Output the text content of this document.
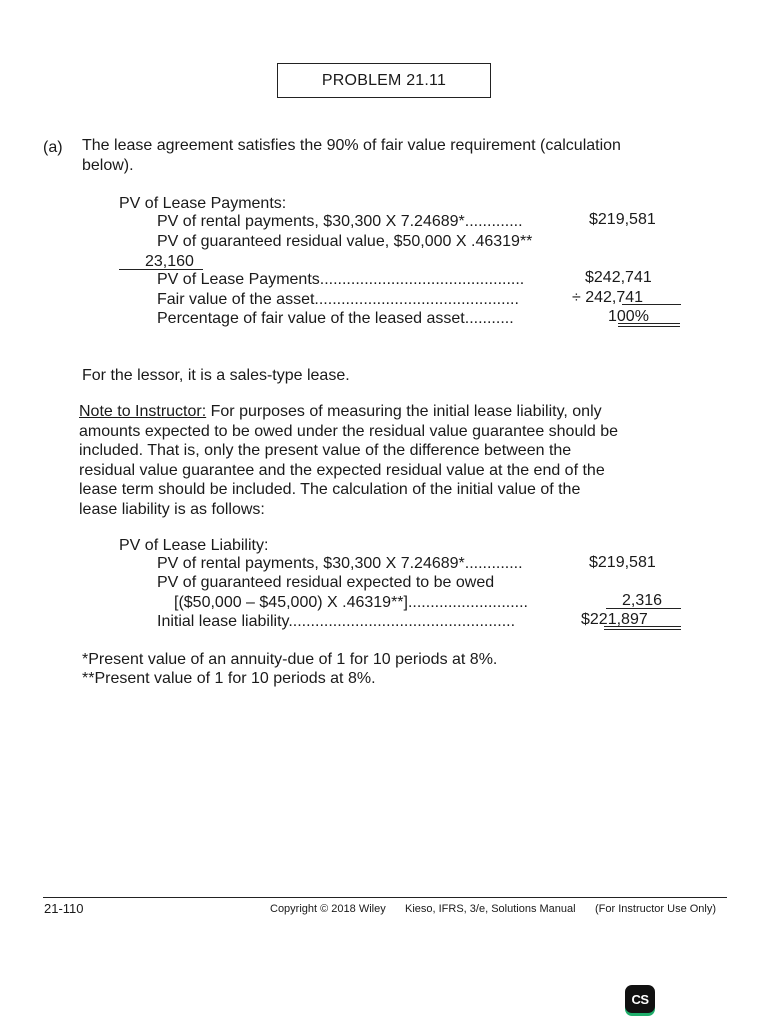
PROBLEM 21.11
(a) The lease agreement satisfies the 90% of fair value requirement (calculation
below).
PV of Lease Payments:
PV of rental payments, $30,300 X 7.24689*.............	$219,581
PV of guaranteed residual value, $50,000 X .46319**
23,160
PV of Lease Payments..............................................	$242,741
Fair value of the asset..............................................	÷ 242,741
Percentage of fair value of the leased asset...........	100%
For the lessor, it is a sales-type lease.
Note to Instructor: For purposes of measuring the initial lease liability, only
amounts expected to be owed under the residual value guarantee should be
included. That is, only the present value of the difference between the
residual value guarantee and the expected residual value at the end of the
lease term should be included. The calculation of the initial value of the
lease liability is as follows:
PV of Lease Liability:
PV of rental payments, $30,300 X 7.24689*.............	$219,581
PV of guaranteed residual expected to be owed
[($50,000 – $45,000) X .46319**]...........................	2,316
Initial lease liability...................................................	$221,897
*Present value of an annuity-due of 1 for 10 periods at 8%.
**Present value of 1 for 10 periods at 8%.
21-110	Copyright © 2018 Wiley Kieso, IFRS, 3/e, Solutions Manual (For Instructor Use Only)
CS
